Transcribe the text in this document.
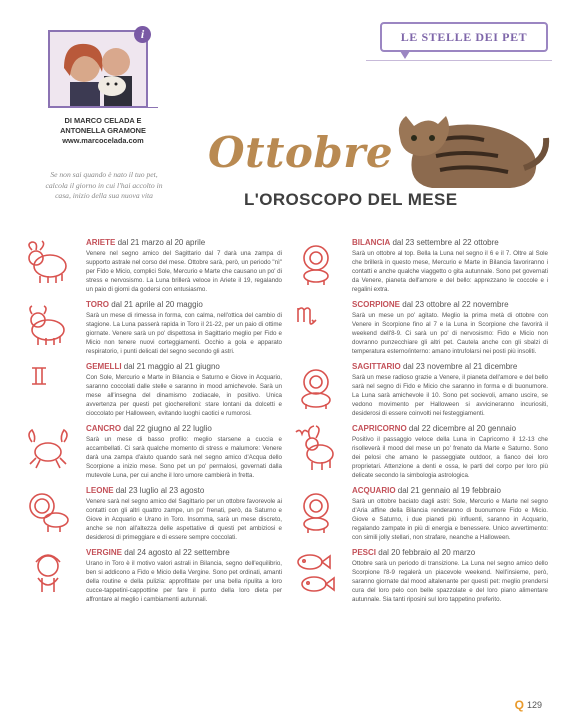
i
DI MARCO CELADA E
ANTONELLA GRAMONE
www.marcocelada.com
Se non sai quando è nato il tuo pet, calcola il giorno in cui l'hai accolto in casa, inizio della sua nuova vita
LE STELLE DEI PET
Ottobre
L'OROSCOPO DEL MESE
ARIETE dal 21 marzo al 20 aprile

Venere nel segno amico del Sagittario dal 7 darà una zampa di supporto astrale nel corso del mese. Ottobre sarà, però, un periodo "nì" per Fido e Micio, complici Sole, Mercurio e Marte che causano un po' di stress e nervosismo. La Luna brillerà veloce in Ariete il 19, regalando un paio di giorni da godersi con entusiasmo.

TORO dal 21 aprile al 20 maggio

Sarà un mese di rimessa in forma, con calma, nell'ottica del cambio di stagione. La Luna passerà rapida in Toro il 21-22, per un paio di ottime giornate. Venere sarà un po' dispettosa in Sagittario meglio per Fido e Micio non tenere nuovi corteggiamenti. Occhio a gola e apparato respiratorio, i punti delicati del segno secondo gli astri.

GEMELLI dal 21 maggio al 21 giugno

Con Sole, Mercurio e Marte in Bilancia e Saturno e Giove in Acquario, saranno coccolati dalle stelle e saranno in mood amichevole. Sarà un mese all'insegna del dinamismo zodiacale, in positivo. Unica avvertenza per questi pet giocherelloni: stare lontani da dolcetti e cioccolato per Halloween, evitando luoghi caotici e rumorosi.

CANCRO dal 22 giugno al 22 luglio

Sarà un mese di basso profilo: meglio starsene a cuccia e accambellati. Ci sarà qualche momento di stress e malumore: Venere darà una zampa d'aiuto quando sarà nel segno amico d'Acqua dello Scorpione a inizio mese. Sono pet un po' permalosi, governati dalla mutevole Luna, per cui anche il loro umore cambierà in fretta.

LEONE dal 23 luglio al 23 agosto

Venere sarà nel segno amico del Sagittario per un ottobre favorevole ai contatti con gli altri quattro zampe, un po' frenati, però, da Saturno e Giove in Acquario e Urano in Toro. Insomma, sarà un mese discreto, anche se non all'altezza delle aspettative di questi pet ambiziosi e desiderosi di primeggiare e di essere sempre coccolati.

VERGINE dal 24 agosto al 22 settembre

Urano in Toro è il motivo valori astrali in Bilancia, segno dell'equilibrio, ben si addicono a Fido e Micio della Vergine. Sono pet ordinati, amanti della routine e della pulizia: approfittate per una bella ripulita a loro cucce-tappetini-cappottine per fare il punto della loro dieta per affrontare al meglio i cambiamenti autunnali.

BILANCIA dal 23 settembre al 22 ottobre

Sarà un ottobre al top. Bella la Luna nel segno il 6 e il 7. Oltre al Sole che brillerà in questo mese, Mercurio e Marte in Bilancia favoriranno i contatti e anche qualche viaggetto o gita autunnale. Sono pet governati da Venere, pianeta dell'amore e del bello: apprezzano le coccole e i regalini extra.

SCORPIONE dal 23 ottobre al 22 novembre

Sarà un mese un po' agitato. Meglio la prima metà di ottobre con Venere in Scorpione fino al 7 e la Luna in Scorpione che favorirà il weekend dell'8-9. Ci sarà un po' di nervosismo: Fido e Micio non dovranno punzecchiare gli altri pet. Cautela anche con gli sbalzi di temperatura esterno/interno: amano intrufolarsi nei posti più insoliti.

SAGITTARIO dal 23 novembre al 21 dicembre

Sarà un mese radioso grazie a Venere, il pianeta dell'amore e del bello sarà nel segno di Fido e Micio che saranno in forma e di buonumore. La Luna sarà amichevole il 10. Sono pet socievoli, amano uscire, se vedono movimento per Halloween si avvicineranno incuriositi, desiderosi di essere coinvolti nei festeggiamenti.

CAPRICORNO dal 22 dicembre al 20 gennaio

Positivo il passaggio veloce della Luna in Capricorno il 12-13 che risolleverà il mood del mese un po' frenato da Marte e Saturno. Sono dei pelosi che amano le passeggiate outdoor, a fianco dei loro proprietari. Attenzione a denti e ossa, le parti del corpo per loro più delicate secondo la simbologia astrologica.

ACQUARIO dal 21 gennaio al 19 febbraio

Sarà un ottobre baciato dagli astri: Sole, Mercurio e Marte nel segno d'Aria affine della Bilancia renderanno di buonumore Fido e Micio. Giove e Saturno, i due pianeti più influenti, saranno in Acquario, regalando zampate in più di energia e benessere. Unico avvertimento: con simili jolly stellari, non strafare, neanche a Halloween.

PESCI dal 20 febbraio al 20 marzo

Ottobre sarà un periodo di transizione. La Luna nel segno amico dello Scorpione l'8-9 regalerà un piacevole weekend. Nell'insieme, però, saranno giornate dal mood altalenante per questi pet: meglio prendersi cura del loro pelo con belle spazzolate e del loro piano alimentare autunnale. Sia tanti riposini sul loro tappetino preferito.

Q 129
